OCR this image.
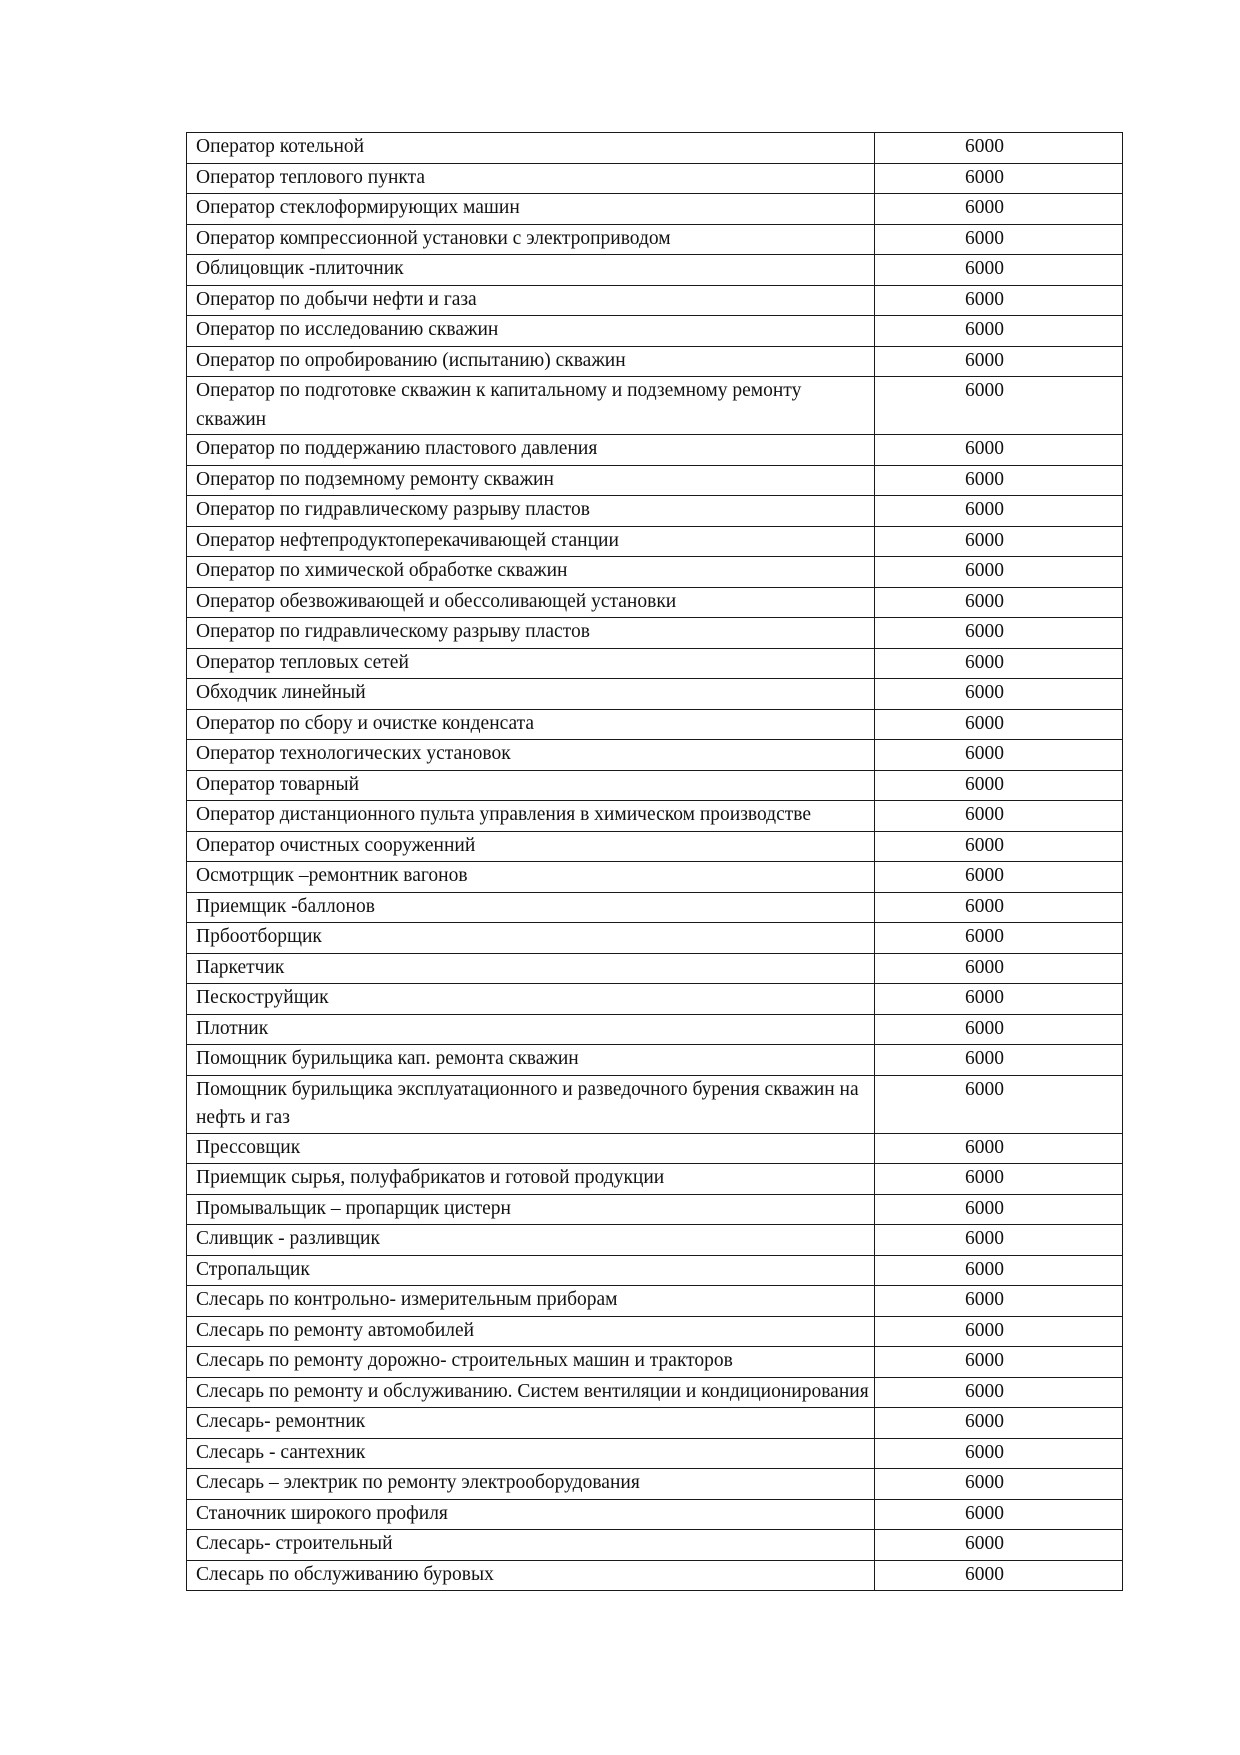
Оператор котельной	6000
Оператор теплового пункта	6000
Оператор стеклоформирующих машин	6000
Оператор компрессионной установки с электроприводом	6000
Облицовщик -плиточник	6000
Оператор по добычи нефти и газа	6000
Оператор по исследованию скважин	6000
Оператор по опробированию (испытанию) скважин	6000
Оператор по подготовке скважин к капитальному и подземному ремонту скважин	6000
Оператор по поддержанию пластового давления	6000
Оператор по подземному ремонту скважин	6000
Оператор по гидравлическому разрыву пластов	6000
Оператор нефтепродуктоперекачивающей станции	6000
Оператор по химической обработке скважин	6000
Оператор обезвоживающей и обессоливающей установки	6000
Оператор по гидравлическому разрыву пластов	6000
Оператор тепловых сетей	6000
Обходчик линейный	6000
Оператор по сбору и очистке конденсата	6000
Оператор технологических установок	6000
Оператор товарный	6000
Оператор дистанционного пульта управления в химическом производстве	6000
Оператор очистных сооруженний	6000
Осмотрщик –ремонтник вагонов	6000
Приемщик -баллонов	6000
Прбоотборщик	6000
Паркетчик	6000
Пескоструйщик	6000
Плотник	6000
Помощник бурильщика кап. ремонта скважин	6000
Помощник бурильщика эксплуатационного и разведочного бурения скважин на нефть и газ	6000
Прессовщик	6000
Приемщик сырья, полуфабрикатов и готовой продукции	6000
Промывальщик – пропарщик цистерн	6000
Сливщик - разливщик	6000
Стропальщик	6000
Слесарь по контрольно- измерительным приборам	6000
Слесарь по ремонту автомобилей	6000
Слесарь по ремонту дорожно- строительных машин и тракторов	6000
Слесарь по ремонту и обслуживанию. Систем вентиляции и кондиционирования	6000
Слесарь- ремонтник	6000
Слесарь - сантехник	6000
Слесарь – электрик по ремонту электрооборудования	6000
Станочник широкого профиля	6000
Слесарь- строительный	6000
Слесарь по обслуживанию буровых	6000
